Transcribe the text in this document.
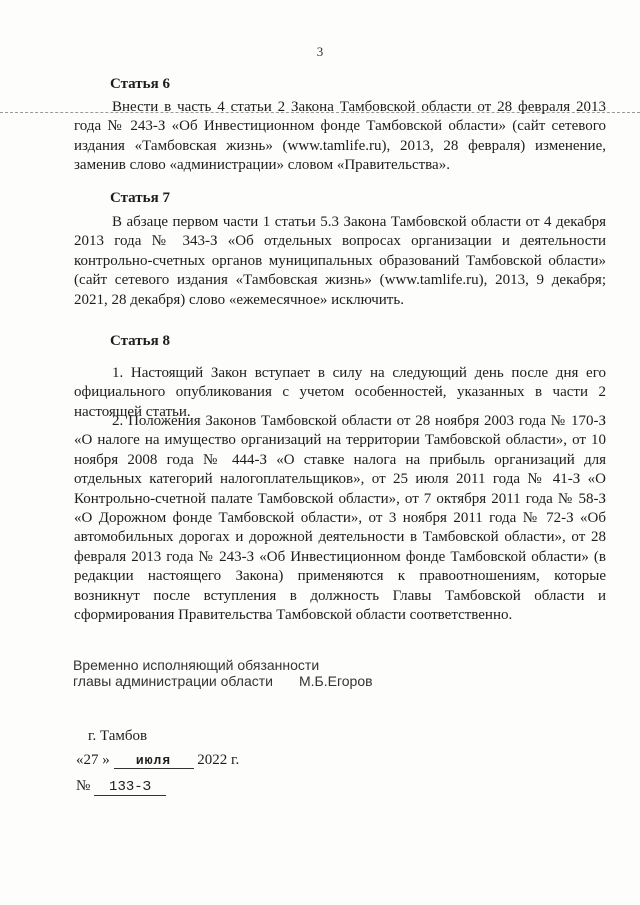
3
Статья 6

Внести в часть 4 статьи 2 Закона Тамбовской области от 28 февраля 2013 года № 243-З «Об Инвестиционном фонде Тамбовской области» (сайт сетевого издания «Тамбовская жизнь» (www.tamlife.ru), 2013, 28 февраля) изменение, заменив слово «администрации» словом «Правительства».

Статья 7

В абзаце первом части 1 статьи 5.3 Закона Тамбовской области от 4 декабря 2013 года № 343-З «Об отдельных вопросах организации и деятельности контрольно-счетных органов муниципальных образований Тамбовской области» (сайт сетевого издания «Тамбовская жизнь» (www.tamlife.ru), 2013, 9 декабря; 2021, 28 декабря) слово «ежемесячное» исключить.

Статья 8

1. Настоящий Закон вступает в силу на следующий день после дня его официального опубликования с учетом особенностей, указанных в части 2 настоящей статьи.

2. Положения Законов Тамбовской области от 28 ноября 2003 года № 170-З «О налоге на имущество организаций на территории Тамбовской области», от 10 ноября 2008 года № 444-З «О ставке налога на прибыль организаций для отдельных категорий налогоплательщиков», от 25 июля 2011 года № 41-З «О Контрольно-счетной палате Тамбовской области», от 7 октября 2011 года № 58-З «О Дорожном фонде Тамбовской области», от 3 ноября 2011 года № 72-З «Об автомобильных дорогах и дорожной деятельности в Тамбовской области», от 28 февраля 2013 года № 243-З «Об Инвестиционном фонде Тамбовской области» (в редакции настоящего Закона) применяются к правоотношениям, которые возникнут после вступления в должность Главы Тамбовской области и сформирования Правительства Тамбовской области соответственно.

Временно исполняющий обязанности
главы администрации области М.Б.Егоров
г. Тамбов
«27 » июля 2022 г.
№ 133-З
